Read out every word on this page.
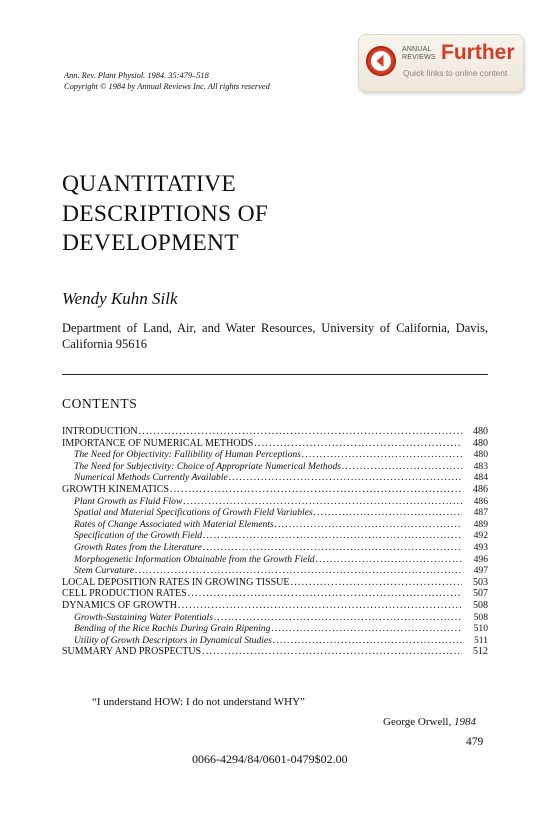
Ann. Rev. Plant Physiol. 1984. 35:479–518
Copyright © 1984 by Annual Reviews Inc. All rights reserved
ANNUAL
REVIEWS Further
Quick links to online content
QUANTITATIVE
DESCRIPTIONS OF
DEVELOPMENT
Wendy Kuhn Silk
Department of Land, Air, and Water Resources, University of California, Davis, California 95616
CONTENTS
INTRODUCTION .....	480
IMPORTANCE OF NUMERICAL METHODS .....	480
The Need for Objectivity: Fallibility of Human Perceptions .....	480
The Need for Subjectivity: Choice of Appropriate Numerical Methods .....	483
Numerical Methods Currently Available .....	484
GROWTH KINEMATICS .....	486
Plant Growth as Fluid Flow .....	486
Spatial and Material Specifications of Growth Field Variables .....	487
Rates of Change Associated with Material Elements .....	489
Specification of the Growth Field .....	492
Growth Rates from the Literature .....	493
Morphogenetic Information Obtainable from the Growth Field .....	496
Stem Curvature .....	497
LOCAL DEPOSITION RATES IN GROWING TISSUE .....	503
CELL PRODUCTION RATES .....	507
DYNAMICS OF GROWTH .....	508
Growth-Sustaining Water Potentials .....	508
Bending of the Rice Rachis During Grain Ripening .....	510
Utility of Growth Descriptors in Dynamical Studies .....	511
SUMMARY AND PROSPECTUS .....	512
“I understand HOW: I do not understand WHY”
George Orwell, 1984
479
0066-4294/84/0601-0479$02.00
